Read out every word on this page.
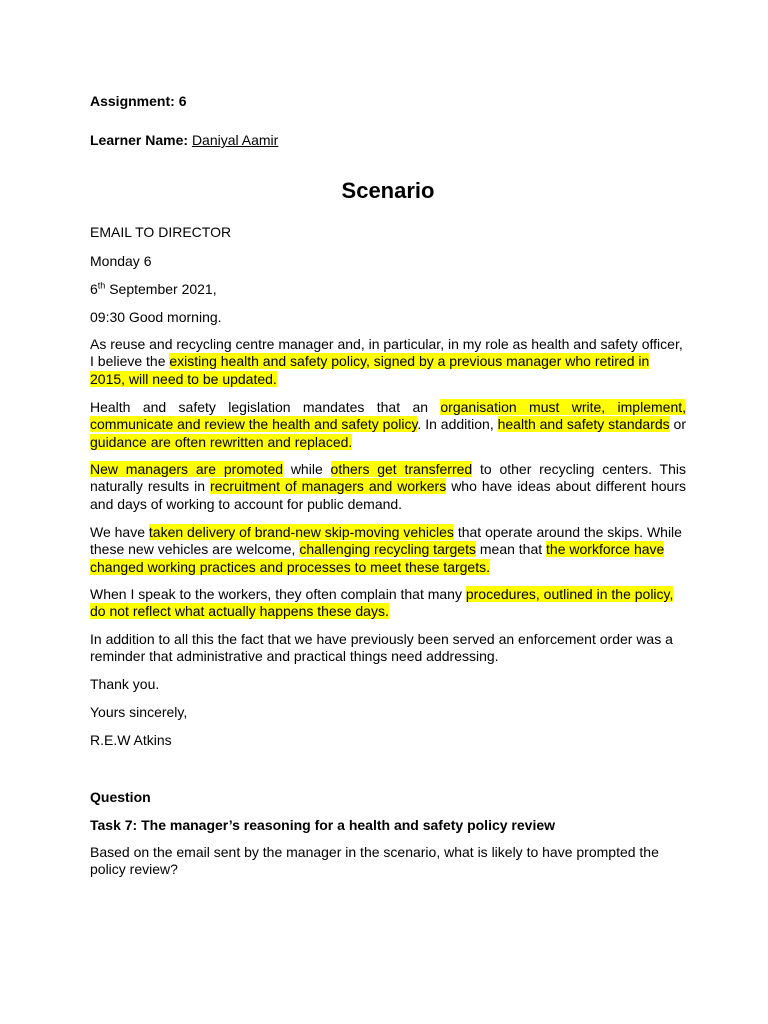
Assignment: 6
Learner Name: Daniyal Aamir
Scenario

EMAIL TO DIRECTOR

Monday 6

6th September 2021,

09:30 Good morning.

As reuse and recycling centre manager and, in particular, in my role as health and safety officer, I believe the existing health and safety policy, signed by a previous manager who retired in 2015, will need to be updated.

Health and safety legislation mandates that an organisation must write, implement, communicate and review the health and safety policy. In addition, health and safety standards or guidance are often rewritten and replaced.

New managers are promoted while others get transferred to other recycling centers. This naturally results in recruitment of managers and workers who have ideas about different hours and days of working to account for public demand.

We have taken delivery of brand-new skip-moving vehicles that operate around the skips. While these new vehicles are welcome, challenging recycling targets mean that the workforce have changed working practices and processes to meet these targets.

When I speak to the workers, they often complain that many procedures, outlined in the policy, do not reflect what actually happens these days.

In addition to all this the fact that we have previously been served an enforcement order was a reminder that administrative and practical things need addressing.

Thank you.

Yours sincerely,

R.E.W Atkins

Question

Task 7: The manager’s reasoning for a health and safety policy review

Based on the email sent by the manager in the scenario, what is likely to have prompted the policy review?
